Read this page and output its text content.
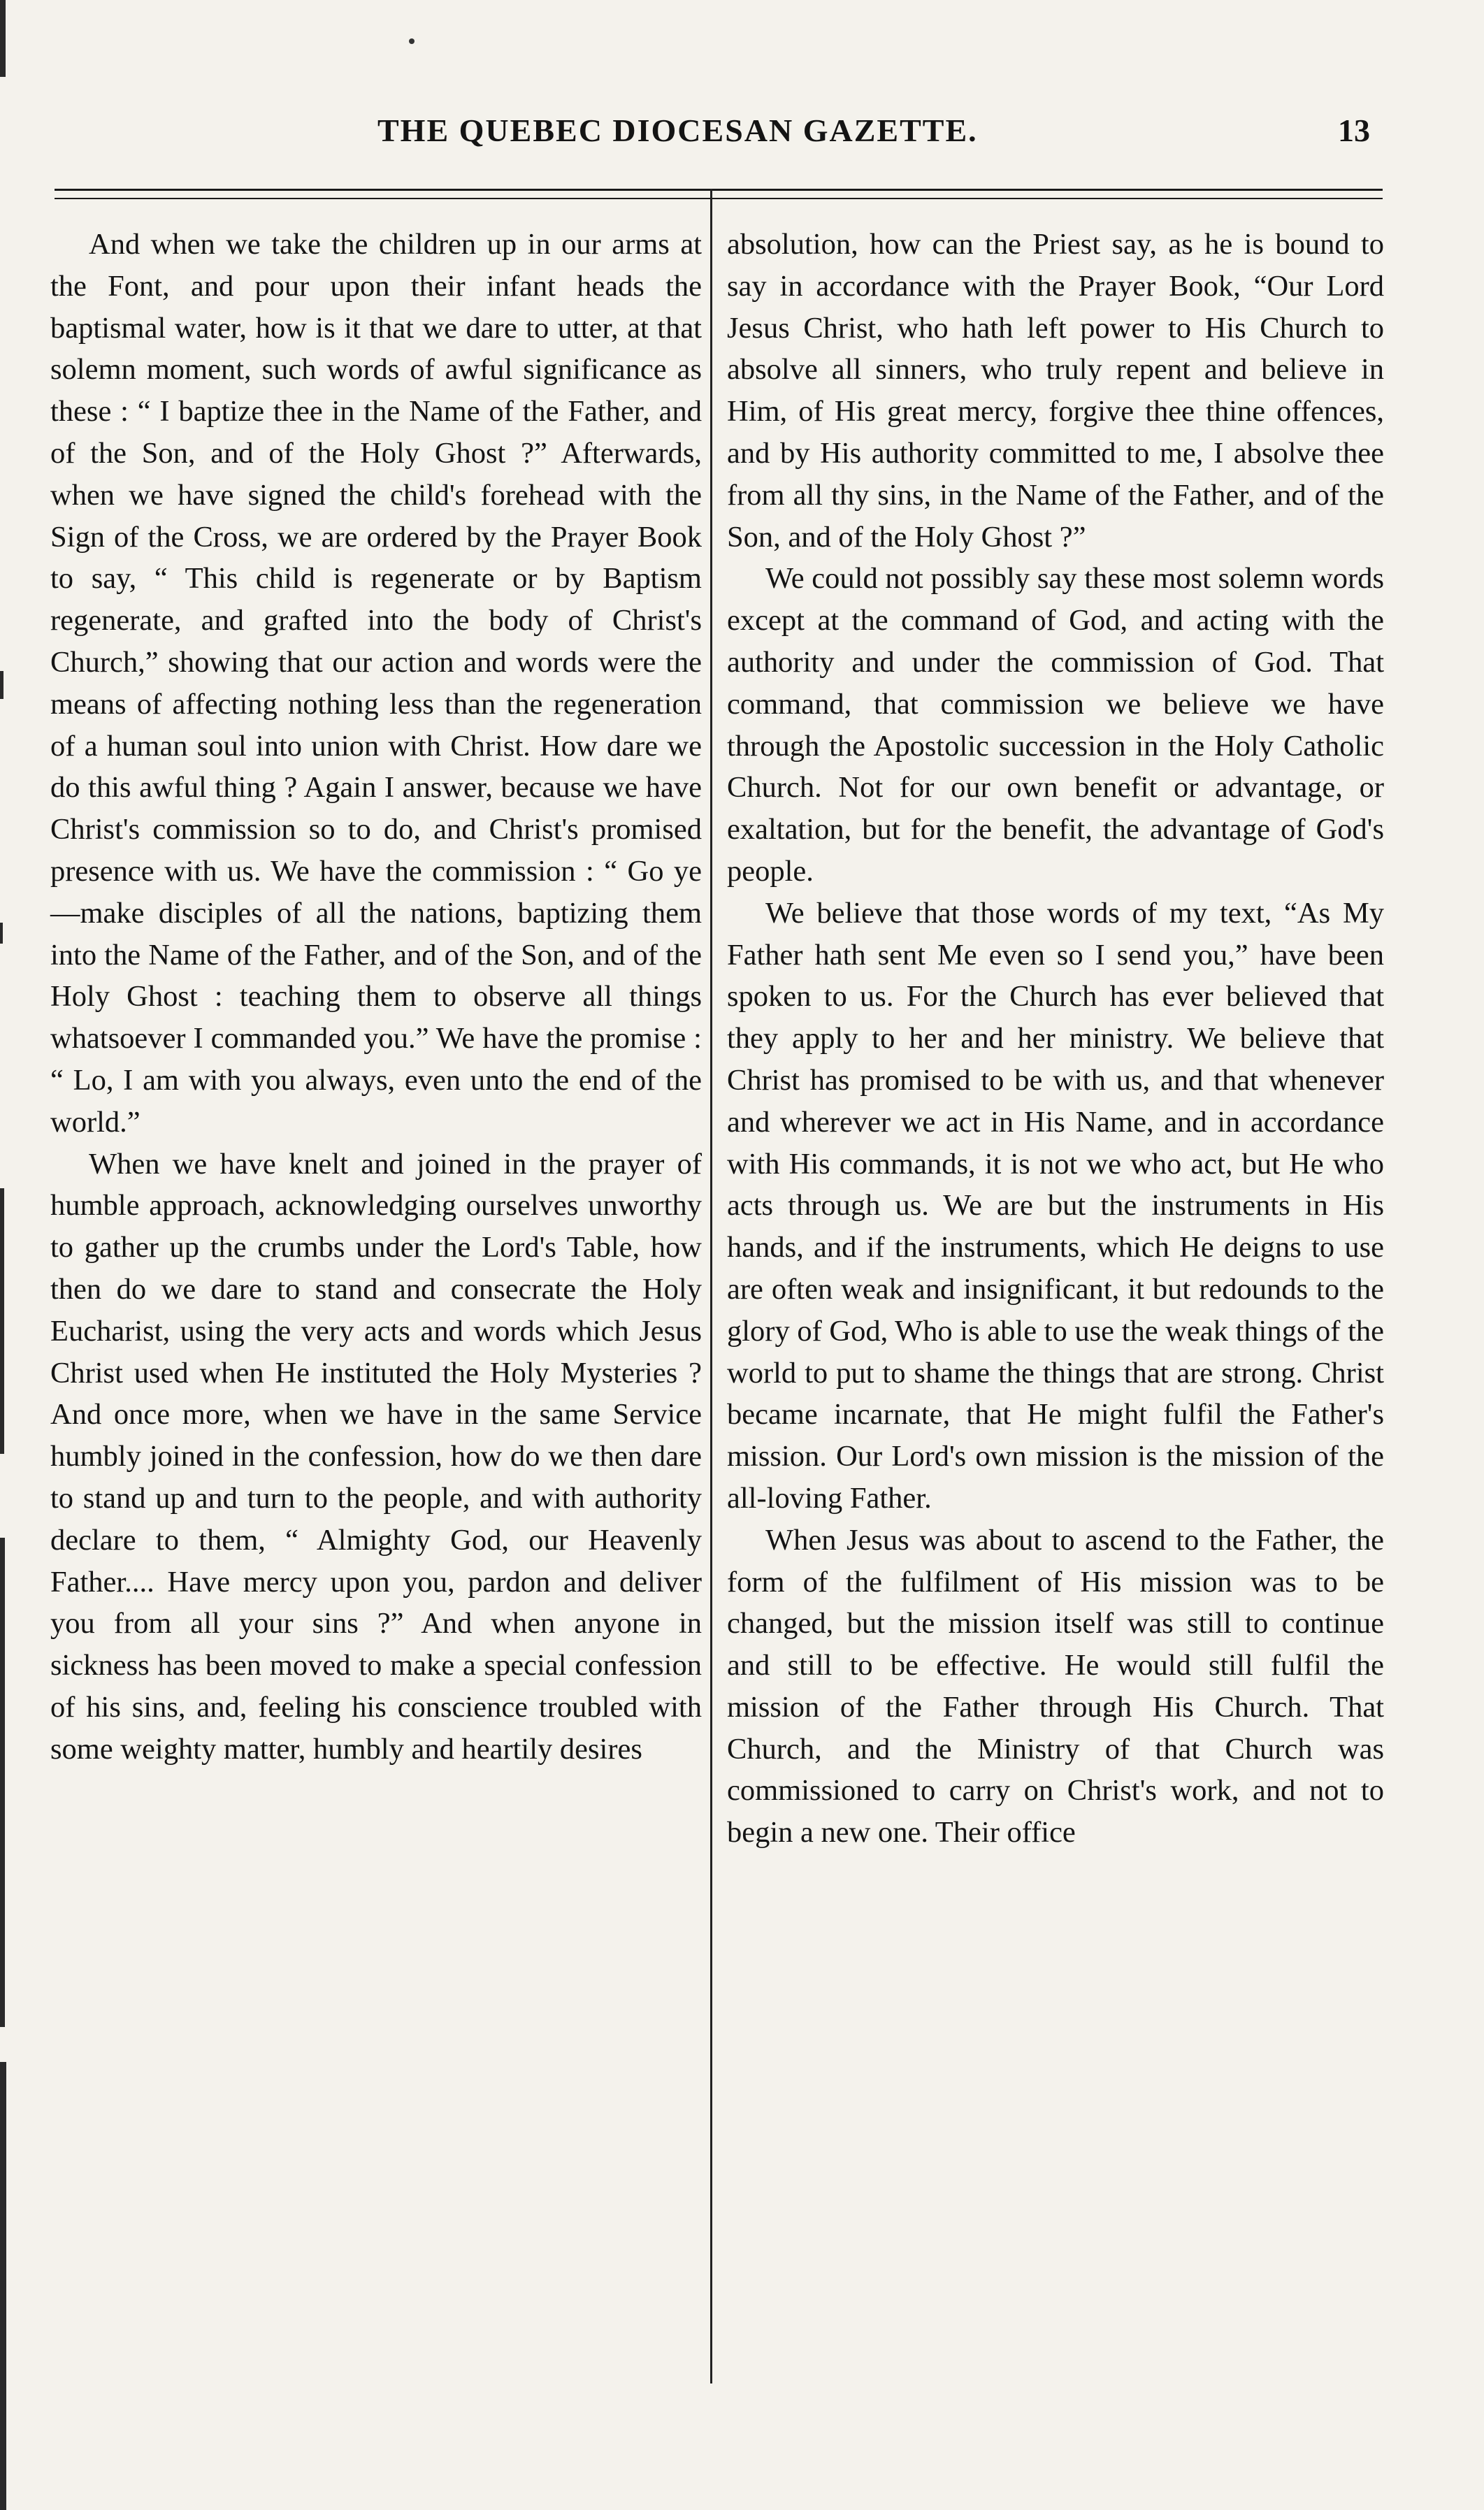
THE QUEBEC DIOCESAN GAZETTE.	13

And when we take the children up in our arms at the Font, and pour upon their infant heads the baptismal water, how is it that we dare to utter, at that solemn moment, such words of awful significance as these : “ I baptize thee in the Name of the Father, and of the Son, and of the Holy Ghost ?” Afterwards, when we have signed the child's forehead with the Sign of the Cross, we are ordered by the Prayer Book to say, “ This child is regenerate or by Baptism regenerate, and grafted into the body of Christ's Church,” showing that our action and words were the means of affecting nothing less than the regeneration of a human soul into union with Christ. How dare we do this awful thing ? Again I answer, because we have Christ's commission so to do, and Christ's promised presence with us. We have the commission : “ Go ye—make disciples of all the nations, baptizing them into the Name of the Father, and of the Son, and of the Holy Ghost : teaching them to observe all things whatsoever I commanded you.” We have the promise : “ Lo, I am with you always, even unto the end of the world.”

When we have knelt and joined in the prayer of humble approach, acknowledging ourselves unworthy to gather up the crumbs under the Lord's Table, how then do we dare to stand and consecrate the Holy Eucharist, using the very acts and words which Jesus Christ used when He instituted the Holy Mysteries ? And once more, when we have in the same Service humbly joined in the confession, how do we then dare to stand up and turn to the people, and with authority declare to them, “ Almighty God, our Heavenly Father.... Have mercy upon you, pardon and deliver you from all your sins ?” And when anyone in sickness has been moved to make a special confession of his sins, and, feeling his conscience troubled with some weighty matter, humbly and heartily desires

absolution, how can the Priest say, as he is bound to say in accordance with the Prayer Book, “Our Lord Jesus Christ, who hath left power to His Church to absolve all sinners, who truly repent and believe in Him, of His great mercy, forgive thee thine offences, and by His authority committed to me, I absolve thee from all thy sins, in the Name of the Father, and of the Son, and of the Holy Ghost ?”

We could not possibly say these most solemn words except at the command of God, and acting with the authority and under the commission of God. That command, that commission we believe we have through the Apostolic succession in the Holy Catholic Church. Not for our own benefit or advantage, or exaltation, but for the benefit, the advantage of God's people.

We believe that those words of my text, “As My Father hath sent Me even so I send you,” have been spoken to us. For the Church has ever believed that they apply to her and her ministry. We believe that Christ has promised to be with us, and that whenever and wherever we act in His Name, and in accordance with His commands, it is not we who act, but He who acts through us. We are but the instruments in His hands, and if the instruments, which He deigns to use are often weak and insignificant, it but redounds to the glory of God, Who is able to use the weak things of the world to put to shame the things that are strong. Christ became incarnate, that He might fulfil the Father's mission. Our Lord's own mission is the mission of the all-loving Father.

When Jesus was about to ascend to the Father, the form of the fulfilment of His mission was to be changed, but the mission itself was still to continue and still to be effective. He would still fulfil the mission of the Father through His Church. That Church, and the Ministry of that Church was commissioned to carry on Christ's work, and not to begin a new one. Their office
